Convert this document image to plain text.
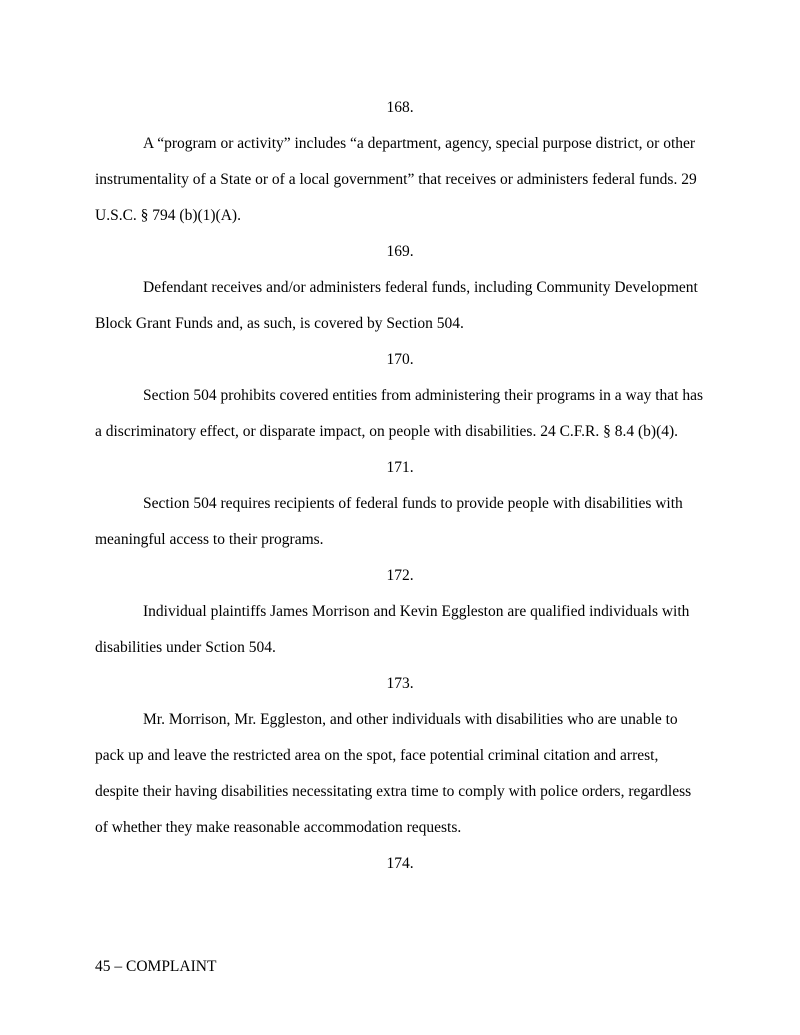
168.

A “program or activity” includes “a department, agency, special purpose district, or other instrumentality of a State or of a local government” that receives or administers federal funds. 29 U.S.C. § 794 (b)(1)(A).

169.

Defendant receives and/or administers federal funds, including Community Development Block Grant Funds and, as such, is covered by Section 504.

170.

Section 504 prohibits covered entities from administering their programs in a way that has a discriminatory effect, or disparate impact, on people with disabilities. 24 C.F.R. § 8.4 (b)(4).

171.

Section 504 requires recipients of federal funds to provide people with disabilities with meaningful access to their programs.

172.

Individual plaintiffs James Morrison and Kevin Eggleston are qualified individuals with disabilities under Sction 504.

173.

Mr. Morrison, Mr. Eggleston, and other individuals with disabilities who are unable to pack up and leave the restricted area on the spot, face potential criminal citation and arrest, despite their having disabilities necessitating extra time to comply with police orders, regardless of whether they make reasonable accommodation requests.

174.

45 – COMPLAINT
